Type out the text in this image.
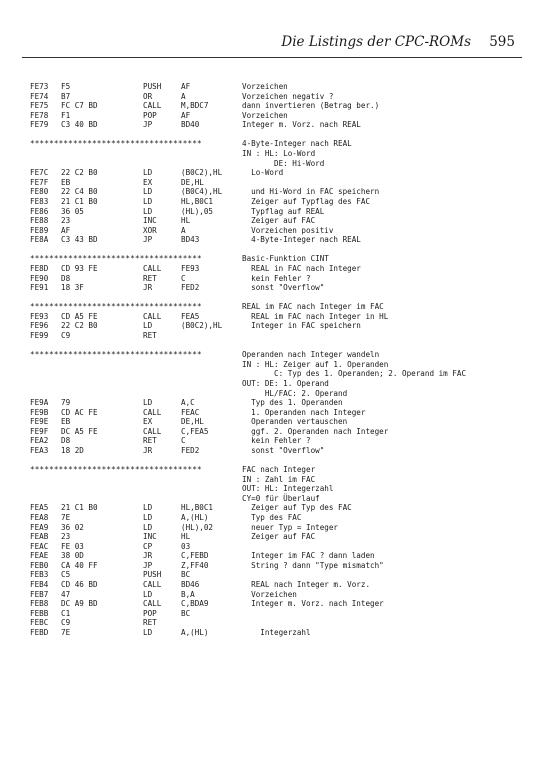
Die Listings der CPC-ROMs 595
FE73 F5	PUSH	AF	Vorzeichen
FE74 B7	OR	A	Vorzeichen negativ ?
FE75 FC C7 BD	CALL	M,BDC7	dann invertieren (Betrag ber.)
FE78 F1	POP	AF	Vorzeichen
FE79 C3 40 BD	JP	BD40	Integer m. Vorz. nach REAL
************************************	4-Byte-Integer nach REAL
IN : HL: Lo-Word
DE: Hi-Word
FE7C 22 C2 B0	LD	(B0C2),HL	Lo-Word
FE7F EB	EX	DE,HL
FE80 22 C4 B0	LD	(B0C4),HL	und Hi-Word in FAC speichern
FE83 21 C1 B0	LD	HL,B0C1	Zeiger auf Typflag des FAC
FE86 36 05	LD	(HL),05	Typflag auf REAL
FE88 23	INC	HL	Zeiger auf FAC
FE89 AF	XOR	A	Vorzeichen positiv
FE8A C3 43 BD	JP	BD43	4-Byte-Integer nach REAL
************************************	Basic-Funktion CINT
FE8D CD 93 FE	CALL	FE93	REAL in FAC nach Integer
FE90 D8	RET	C	kein Fehler ?
FE91 18 3F	JR	FED2	sonst "Overflow"
************************************	REAL im FAC nach Integer im FAC
FE93 CD A5 FE	CALL	FEA5	REAL im FAC nach Integer in HL
FE96 22 C2 B0	LD	(B0C2),HL	Integer in FAC speichern
FE99 C9	RET
************************************	Operanden nach Integer wandeln
IN : HL: Zeiger auf 1. Operanden
C: Typ des 1. Operanden; 2. Operand im FAC
OUT: DE: 1. Operand
HL/FAC: 2. Operand
FE9A 79	LD	A,C	Typ des 1. Operanden
FE9B CD AC FE	CALL	FEAC	1. Operanden nach Integer
FE9E EB	EX	DE,HL	Operanden vertauschen
FE9F DC A5 FE	CALL	C,FEA5	ggf. 2. Operanden nach Integer
FEA2 D8	RET	C	kein Fehler ?
FEA3 18 2D	JR	FED2	sonst "Overflow"
************************************	FAC nach Integer
IN : Zahl im FAC
OUT: HL: Integerzahl
CY=0 für Überlauf
FEA5 21 C1 B0	LD	HL,B0C1	Zeiger auf Typ des FAC
FEA8 7E	LD	A,(HL)	Typ des FAC
FEA9 36 02	LD	(HL),02	neuer Typ = Integer
FEAB 23	INC	HL	Zeiger auf FAC
FEAC FE 03	CP	03
FEAE 38 0D	JR	C,FEBD	Integer im FAC ? dann laden
FEB0 CA 40 FF	JP	Z,FF40	String ? dann "Type mismatch"
FEB3 C5	PUSH	BC
FEB4 CD 46 BD	CALL	BD46	REAL nach Integer m. Vorz.
FEB7 47	LD	B,A	Vorzeichen
FEB8 DC A9 BD	CALL	C,BDA9	Integer m. Vorz. nach Integer
FEBB C1	POP	BC
FEBC C9	RET
FEBD 7E	LD	A,(HL)	Integerzahl
